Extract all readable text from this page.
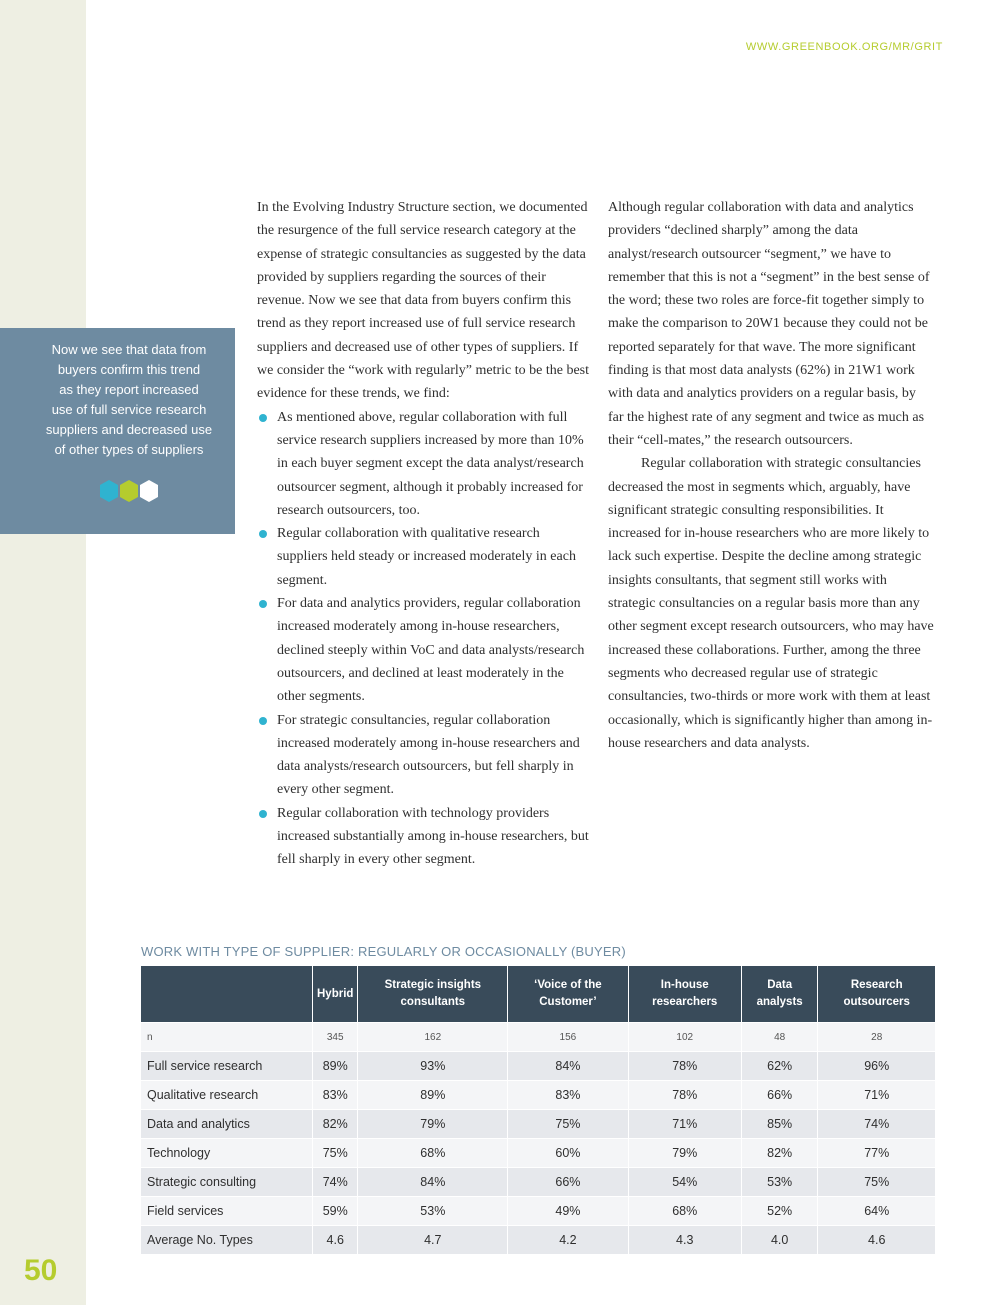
50
WWW.GREENBOOK.ORG/MR/GRIT
Now we see that data from
buyers confirm this trend
as they report increased
use of full service research
suppliers and decreased use
of other types of suppliers

In the Evolving Industry Structure section, we documented the resurgence of the full service research category at the expense of strategic consultancies as suggested by the data provided by suppliers regarding the sources of their revenue. Now we see that data from buyers confirm this trend as they report increased use of full service research suppliers and decreased use of other types of suppliers. If we consider the “work with regularly” metric to be the best evidence for these trends, we find:

As mentioned above, regular collaboration with full service research suppliers increased by more than 10% in each buyer segment except the data analyst/research outsourcer segment, although it probably increased for research outsourcers, too.
Regular collaboration with qualitative research suppliers held steady or increased moderately in each segment.
For data and analytics providers, regular collaboration increased moderately among in-house researchers, declined steeply within VoC and data analysts/research outsourcers, and declined at least moderately in the other segments.
For strategic consultancies, regular collaboration increased moderately among in-house researchers and data analysts/research outsourcers, but fell sharply in every other segment.
Regular collaboration with technology providers increased substantially among in-house researchers, but fell sharply in every other segment.

Although regular collaboration with data and analytics providers “declined sharply” among the data analyst/research outsourcer “segment,” we have to remember that this is not a “segment” in the best sense of the word; these two roles are force-fit together simply to make the comparison to 20W1 because they could not be reported separately for that wave. The more significant finding is that most data analysts (62%) in 21W1 work with data and analytics providers on a regular basis, by far the highest rate of any segment and twice as much as their “cell-mates,” the research outsourcers.

Regular collaboration with strategic consultancies decreased the most in segments which, arguably, have significant strategic consulting responsibilities. It increased for in-house researchers who are more likely to lack such expertise. Despite the decline among strategic insights consultants, that segment still works with strategic consultancies on a regular basis more than any other segment except research outsourcers, who may have increased these collaborations. Further, among the three segments who decreased regular use of strategic consultancies, two-thirds or more work with them at least occasionally, which is significantly higher than among in-house researchers and data analysts.

WORK WITH TYPE OF SUPPLIER: REGULARLY OR OCCASIONALLY (BUYER)
	Hybrid	Strategic insights consultants	‘Voice of the Customer’	In-house researchers	Data analysts	Research outsourcers
n	345	162	156	102	48	28
Full service research	89%	93%	84%	78%	62%	96%
Qualitative research	83%	89%	83%	78%	66%	71%
Data and analytics	82%	79%	75%	71%	85%	74%
Technology	75%	68%	60%	79%	82%	77%
Strategic consulting	74%	84%	66%	54%	53%	75%
Field services	59%	53%	49%	68%	52%	64%
Average No. Types	4.6	4.7	4.2	4.3	4.0	4.6
